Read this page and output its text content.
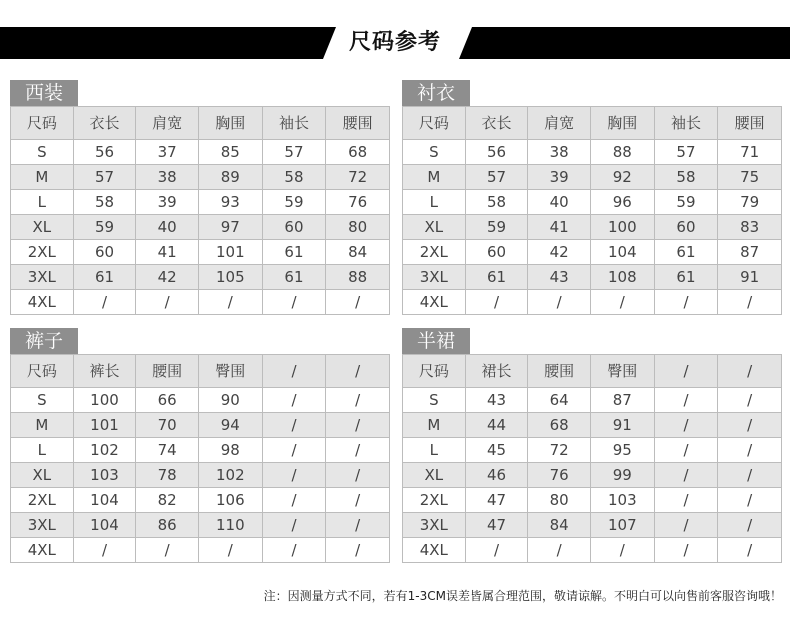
尺码参考
西装
尺码	衣长	肩宽	胸围	袖长	腰围
S	56	37	85	57	68
M	57	38	89	58	72
L	58	39	93	59	76
XL	59	40	97	60	80
2XL	60	41	101	61	84
3XL	61	42	105	61	88
4XL	/	/	/	/	/
衬衣
尺码	衣长	肩宽	胸围	袖长	腰围
S	56	38	88	57	71
M	57	39	92	58	75
L	58	40	96	59	79
XL	59	41	100	60	83
2XL	60	42	104	61	87
3XL	61	43	108	61	91
4XL	/	/	/	/	/
裤子
尺码	裤长	腰围	臀围	/	/
S	100	66	90	/	/
M	101	70	94	/	/
L	102	74	98	/	/
XL	103	78	102	/	/
2XL	104	82	106	/	/
3XL	104	86	110	/	/
4XL	/	/	/	/	/
半裙
尺码	裙长	腰围	臀围	/	/
S	43	64	87	/	/
M	44	68	91	/	/
L	45	72	95	/	/
XL	46	76	99	/	/
2XL	47	80	103	/	/
3XL	47	84	107	/	/
4XL	/	/	/	/	/
注：因测量方式不同，若有1-3CM误差皆属合理范围，敬请谅解。不明白可以向售前客服咨询哦！
